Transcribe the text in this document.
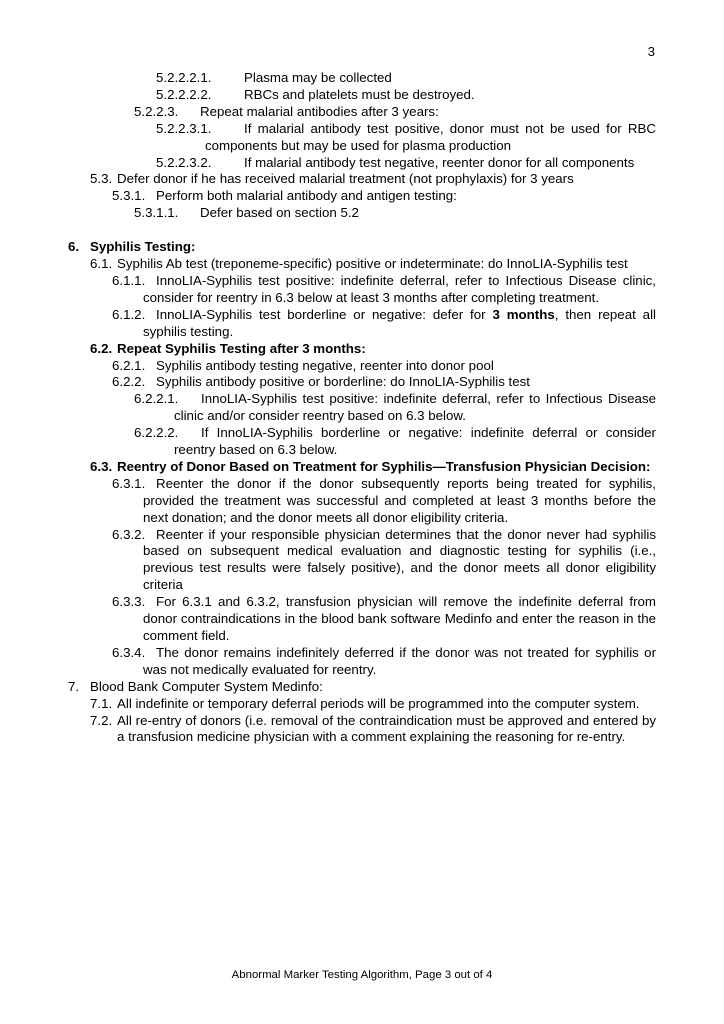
3
5.2.2.2.1. Plasma may be collected
5.2.2.2.2. RBCs and platelets must be destroyed.
5.2.2.3. Repeat malarial antibodies after 3 years:
5.2.2.3.1. If malarial antibody test positive, donor must not be used for RBC components but may be used for plasma production
5.2.2.3.2. If malarial antibody test negative, reenter donor for all components
5.3. Defer donor if he has received malarial treatment (not prophylaxis) for 3 years
5.3.1. Perform both malarial antibody and antigen testing:
5.3.1.1. Defer based on section 5.2
6. Syphilis Testing:
6.1. Syphilis Ab test (treponeme-specific) positive or indeterminate: do InnoLIA-Syphilis test
6.1.1. InnoLIA-Syphilis test positive: indefinite deferral, refer to Infectious Disease clinic, consider for reentry in 6.3 below at least 3 months after completing treatment.
6.1.2. InnoLIA-Syphilis test borderline or negative: defer for 3 months, then repeat all syphilis testing.
6.2. Repeat Syphilis Testing after 3 months:
6.2.1. Syphilis antibody testing negative, reenter into donor pool
6.2.2. Syphilis antibody positive or borderline: do InnoLIA-Syphilis test
6.2.2.1. InnoLIA-Syphilis test positive: indefinite deferral, refer to Infectious Disease clinic and/or consider reentry based on 6.3 below.
6.2.2.2. If InnoLIA-Syphilis borderline or negative: indefinite deferral or consider reentry based on 6.3 below.
6.3. Reentry of Donor Based on Treatment for Syphilis—Transfusion Physician Decision:
6.3.1. Reenter the donor if the donor subsequently reports being treated for syphilis, provided the treatment was successful and completed at least 3 months before the next donation; and the donor meets all donor eligibility criteria.
6.3.2. Reenter if your responsible physician determines that the donor never had syphilis based on subsequent medical evaluation and diagnostic testing for syphilis (i.e., previous test results were falsely positive), and the donor meets all donor eligibility criteria
6.3.3. For 6.3.1 and 6.3.2, transfusion physician will remove the indefinite deferral from donor contraindications in the blood bank software Medinfo and enter the reason in the comment field.
6.3.4. The donor remains indefinitely deferred if the donor was not treated for syphilis or was not medically evaluated for reentry.
7. Blood Bank Computer System Medinfo:
7.1. All indefinite or temporary deferral periods will be programmed into the computer system.
7.2. All re-entry of donors (i.e. removal of the contraindication must be approved and entered by a transfusion medicine physician with a comment explaining the reasoning for re-entry.
Abnormal Marker Testing Algorithm, Page 3 out of 4
